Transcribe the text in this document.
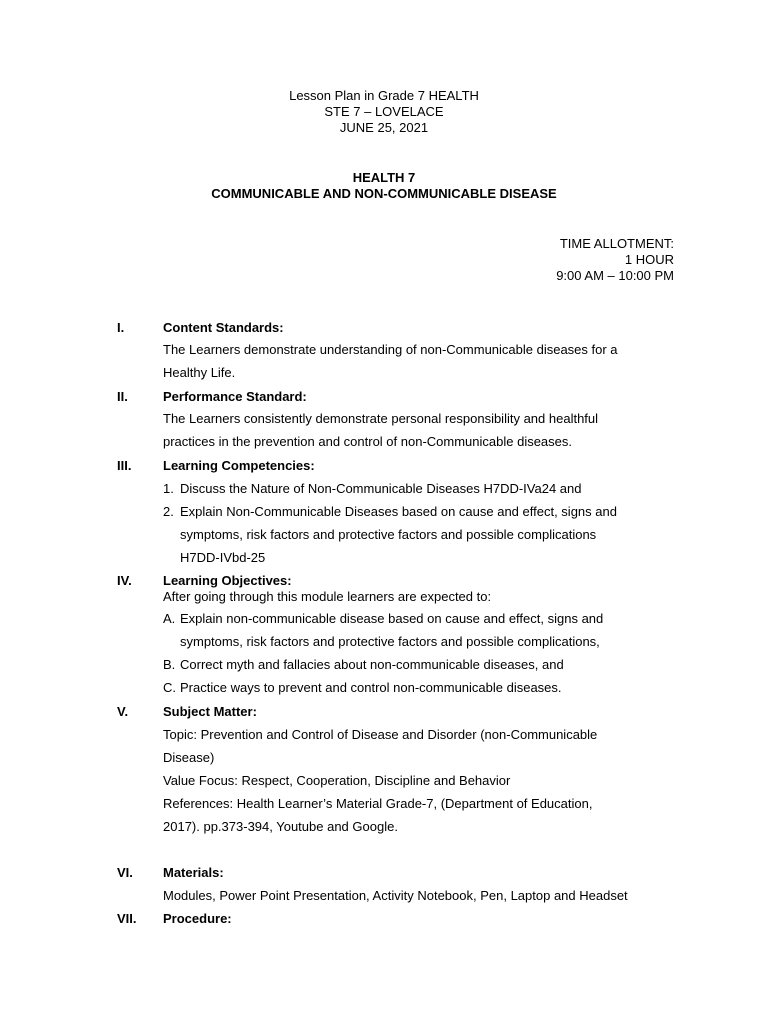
Lesson Plan in Grade 7 HEALTH
STE 7 – LOVELACE
JUNE 25, 2021
HEALTH 7
COMMUNICABLE AND NON-COMMUNICABLE DISEASE
TIME ALLOTMENT:
1 HOUR
9:00 AM – 10:00 PM
I.	Content Standards:
The Learners demonstrate understanding of non-Communicable diseases for a
Healthy Life.
II.	Performance Standard:
The Learners consistently demonstrate personal responsibility and healthful
practices in the prevention and control of non-Communicable diseases.
III. Learning Competencies:
1. Discuss the Nature of Non-Communicable Diseases H7DD-IVa24 and
2. Explain Non-Communicable Diseases based on cause and effect, signs and
symptoms, risk factors and protective factors and possible complications
H7DD-IVbd-25
IV. Learning Objectives:
After going through this module learners are expected to:
A. Explain non-communicable disease based on cause and effect, signs and
symptoms, risk factors and protective factors and possible complications,
B. Correct myth and fallacies about non-communicable diseases, and
C. Practice ways to prevent and control non-communicable diseases.
V.	Subject Matter:
Topic: Prevention and Control of Disease and Disorder (non-Communicable
Disease)
Value Focus: Respect, Cooperation, Discipline and Behavior
References: Health Learner’s Material Grade-7, (Department of Education,
2017). pp.373-394, Youtube and Google.
VI. Materials:
Modules, Power Point Presentation, Activity Notebook, Pen, Laptop and Headset
VII. Procedure:
